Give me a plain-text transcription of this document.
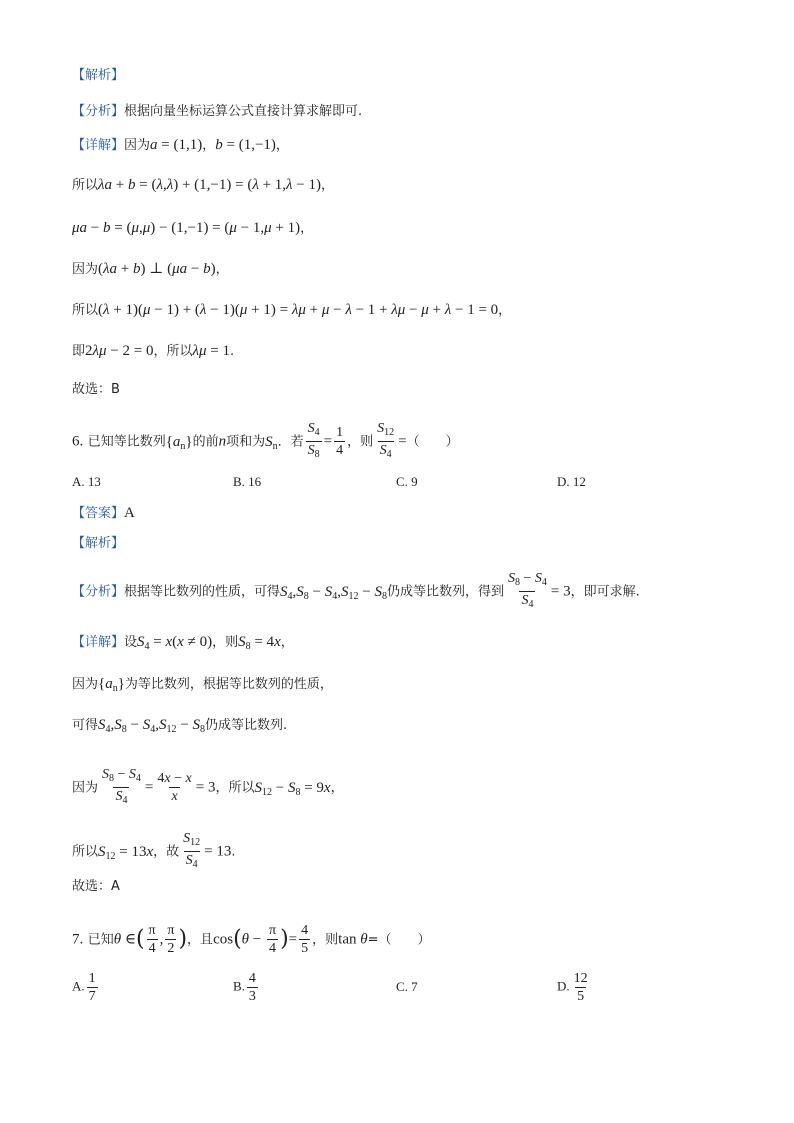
【解析】
【分析】根据向量坐标运算公式直接计算求解即可.
【详解】因为a = (1,1)，b = (1,−1)，
所以λa + b = (λ,λ) + (1,−1) = (λ + 1,λ − 1)，
μa − b = (μ,μ) − (1,−1) = (μ − 1,μ + 1)，
因为(λa + b) ⊥ (μa − b)，
所以(λ + 1)(μ − 1) + (λ − 1)(μ + 1) = λμ + μ − λ − 1 + λμ − μ + λ − 1 = 0，
即2λμ − 2 = 0，所以λμ = 1.
故选：B
6. 已知等比数列$\{a_n\}$的前n项和为$S_n$．若 $\frac{S_4}{S_8} = \frac{1}{4}$ ，则 $\frac{S_{12}}{S_4}$ =（　　）
A. 13	B. 16	C. 9	D. 12
【答案】A
【解析】
【分析】根据等比数列的性质，可得$S_4,S_8 - S_4,S_{12} - S_8$仍成等比数列，得到 $\frac{S_8 - S_4}{S_4} = 3$，即可求解.
【详解】设$S_4 = x(x \ne 0)$，则$S_8 = 4x$，
因为$\{a_n\}$为等比数列，根据等比数列的性质，
可得$S_4,S_8 - S_4,S_{12} - S_8$仍成等比数列.
因为 $\frac{S_8 - S_4}{S_4} = \frac{4x - x}{x} = 3$，所以$S_{12} - S_8 = 9x$，
所以$S_{12} = 13x$，故 $\frac{S_{12}}{S_4} = 13$.
故选：A
7. 已知θ ∈( $\frac{\pi}{4}$ , $\frac{\pi}{2}$ )，且$\cos(\theta - \frac{\pi}{4}$ )= $\frac{4}{5}$ ，则tan θ=（　　）
A. $\frac{1}{7}$	B. $\frac{4}{3}$	C. 7	D. $\frac{12}{5}$
